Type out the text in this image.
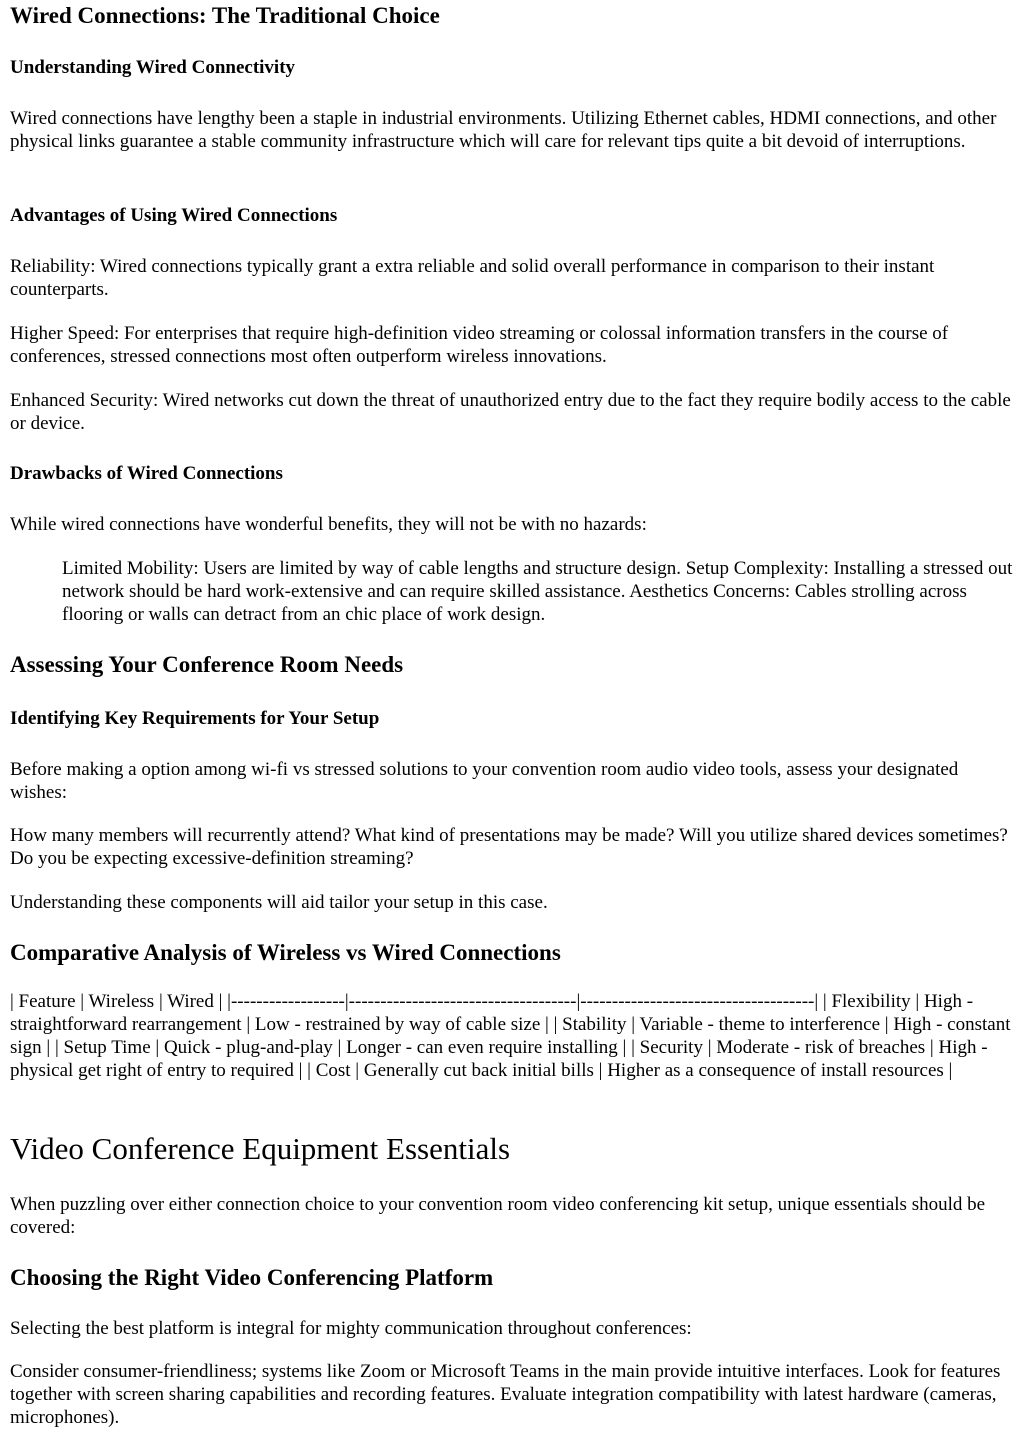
Wired Connections: The Traditional Choice
Understanding Wired Connectivity

Wired connections have lengthy been a staple in industrial environments. Utilizing Ethernet cables, HDMI connections, and other physical links guarantee a stable community infrastructure which will care for relevant tips quite a bit devoid of interruptions.

Advantages of Using Wired Connections

Reliability: Wired connections typically grant a extra reliable and solid overall performance in comparison to their instant counterparts.

Higher Speed: For enterprises that require high-definition video streaming or colossal information transfers in the course of conferences, stressed connections most often outperform wireless innovations.

Enhanced Security: Wired networks cut down the threat of unauthorized entry due to the fact they require bodily access to the cable or device.

Drawbacks of Wired Connections

While wired connections have wonderful benefits, they will not be with no hazards:

Limited Mobility: Users are limited by way of cable lengths and structure design. Setup Complexity: Installing a stressed out network should be hard work-extensive and can require skilled assistance. Aesthetics Concerns: Cables strolling across flooring or walls can detract from an chic place of work design.

Assessing Your Conference Room Needs
Identifying Key Requirements for Your Setup

Before making a option among wi-fi vs stressed solutions to your convention room audio video tools, assess your designated wishes:

How many members will recurrently attend? What kind of presentations may be made? Will you utilize shared devices sometimes? Do you be expecting excessive-definition streaming?

Understanding these components will aid tailor your setup in this case.

Comparative Analysis of Wireless vs Wired Connections

| Feature | Wireless | Wired | |------------------|------------------------------------|-------------------------------------| | Flexibility | High - straightforward rearrangement | Low - restrained by way of cable size | | Stability | Variable - theme to interference | High - constant sign | | Setup Time | Quick - plug-and-play | Longer - can even require installing | | Security | Moderate - risk of breaches | High - physical get right of entry to required | | Cost | Generally cut back initial bills | Higher as a consequence of install resources |

Video Conference Equipment Essentials

When puzzling over either connection choice to your convention room video conferencing kit setup, unique essentials should be covered:

Choosing the Right Video Conferencing Platform

Selecting the best platform is integral for mighty communication throughout conferences:

Consider consumer-friendliness; systems like Zoom or Microsoft Teams in the main provide intuitive interfaces. Look for features together with screen sharing capabilities and recording features. Evaluate integration compatibility with latest hardware (cameras, microphones).
